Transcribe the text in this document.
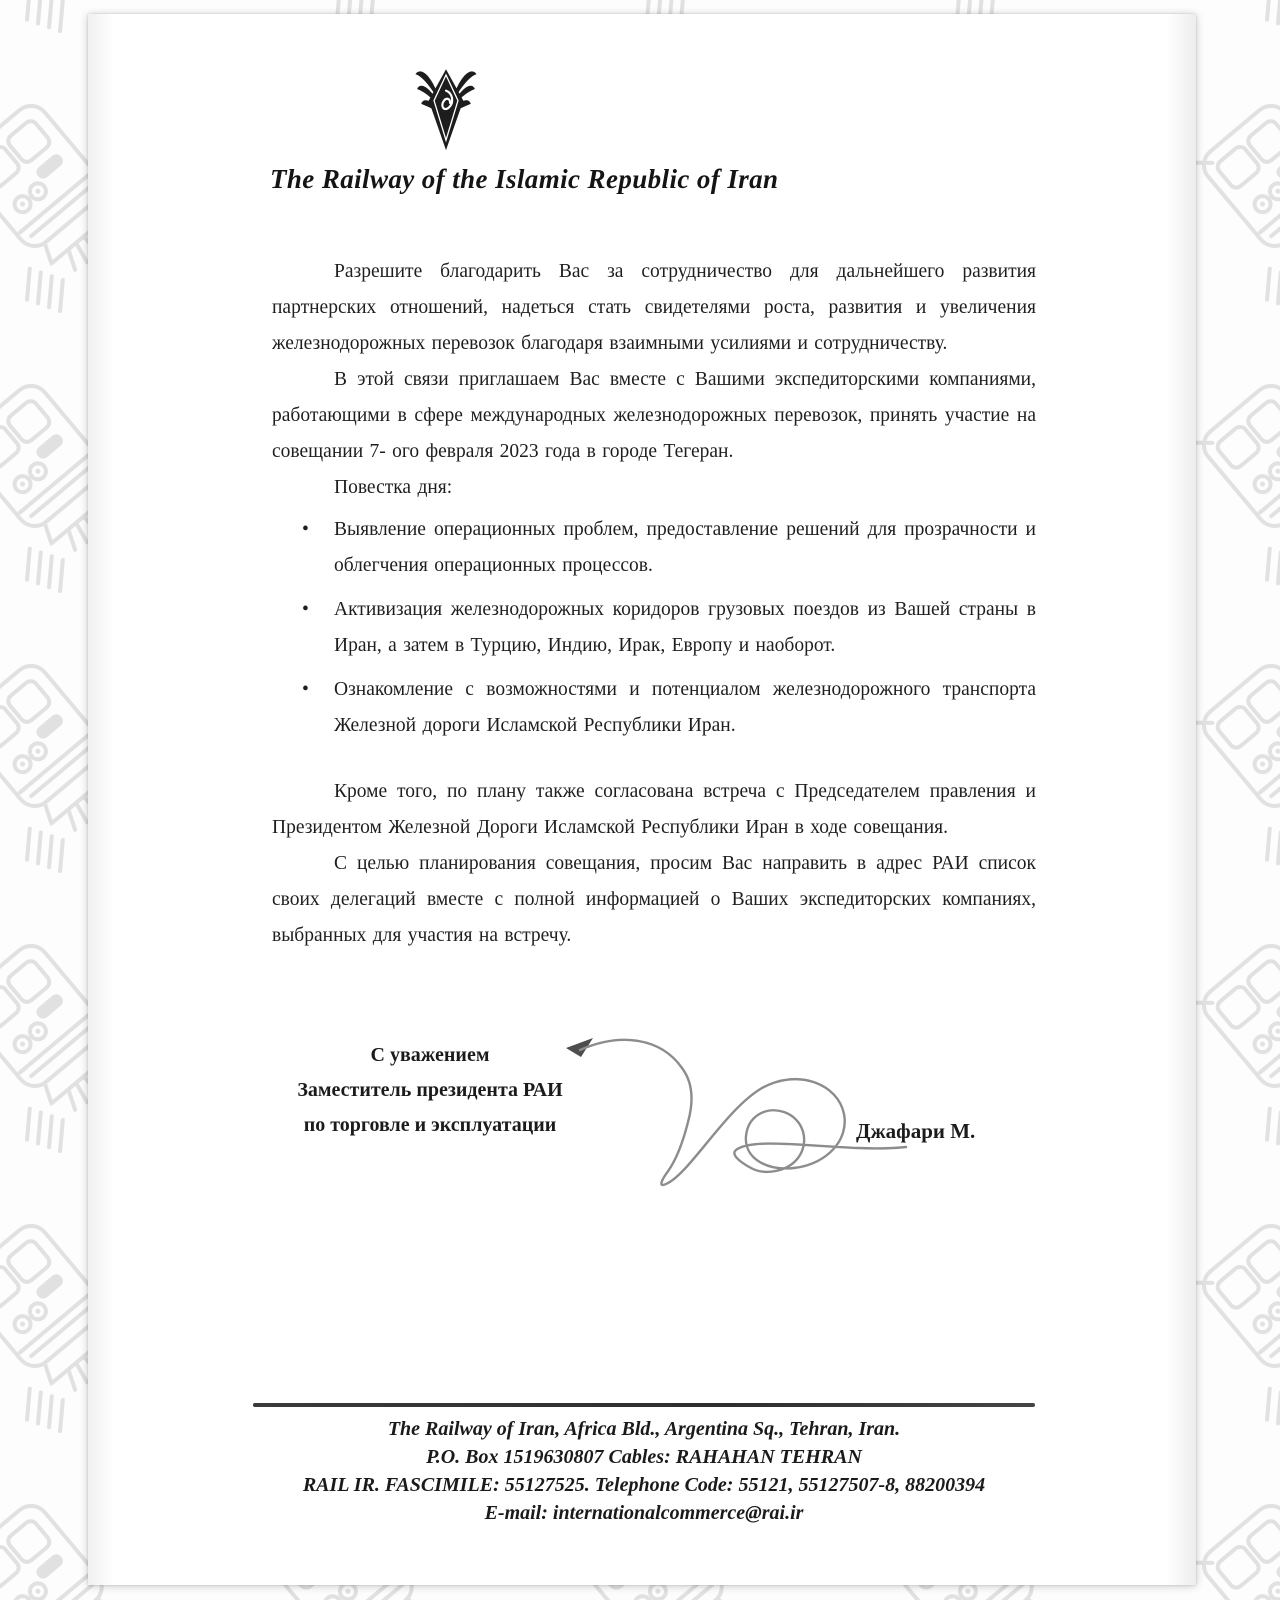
The Railway of the Islamic Republic of Iran

Разрешите благодарить Вас за сотрудничество для дальнейшего развития партнерских отношений, надеться стать свидетелями роста, развития и увеличения железнодорожных перевозок благодаря взаимными усилиями и сотрудничеству.

В этой связи приглашаем Вас вместе с Вашими экспедиторскими компаниями, работающими в сфере международных железнодорожных перевозок, принять участие на совещании 7- ого февраля 2023 года в городе Тегеран.

Повестка дня:

• Выявление операционных проблем, предоставление решений для прозрачности и облегчения операционных процессов.
• Активизация железнодорожных коридоров грузовых поездов из Вашей страны в Иран, а затем в Турцию, Индию, Ирак, Европу и наоборот.
• Ознакомление с возможностями и потенциалом железнодорожного транспорта Железной дороги Исламской Республики Иран.

Кроме того, по плану также согласована встреча с Председателем правления и Президентом Железной Дороги Исламской Республики Иран в ходе совещания.

С целью планирования совещания, просим Вас направить в адрес РАИ список своих делегаций вместе с полной информацией о Ваших экспедиторских компаниях, выбранных для участия на встречу.

С уважением
Заместитель президента РАИ
по торговле и эксплуатации	Джафари М.
The Railway of Iran, Africa Bld., Argentina Sq., Tehran, Iran.
P.O. Box 1519630807 Cables: RAHAHAN TEHRAN
RAIL IR. FASCIMILE: 55127525. Telephone Code: 55121, 55127507-8, 88200394
E-mail: internationalcommerce@rai.ir
